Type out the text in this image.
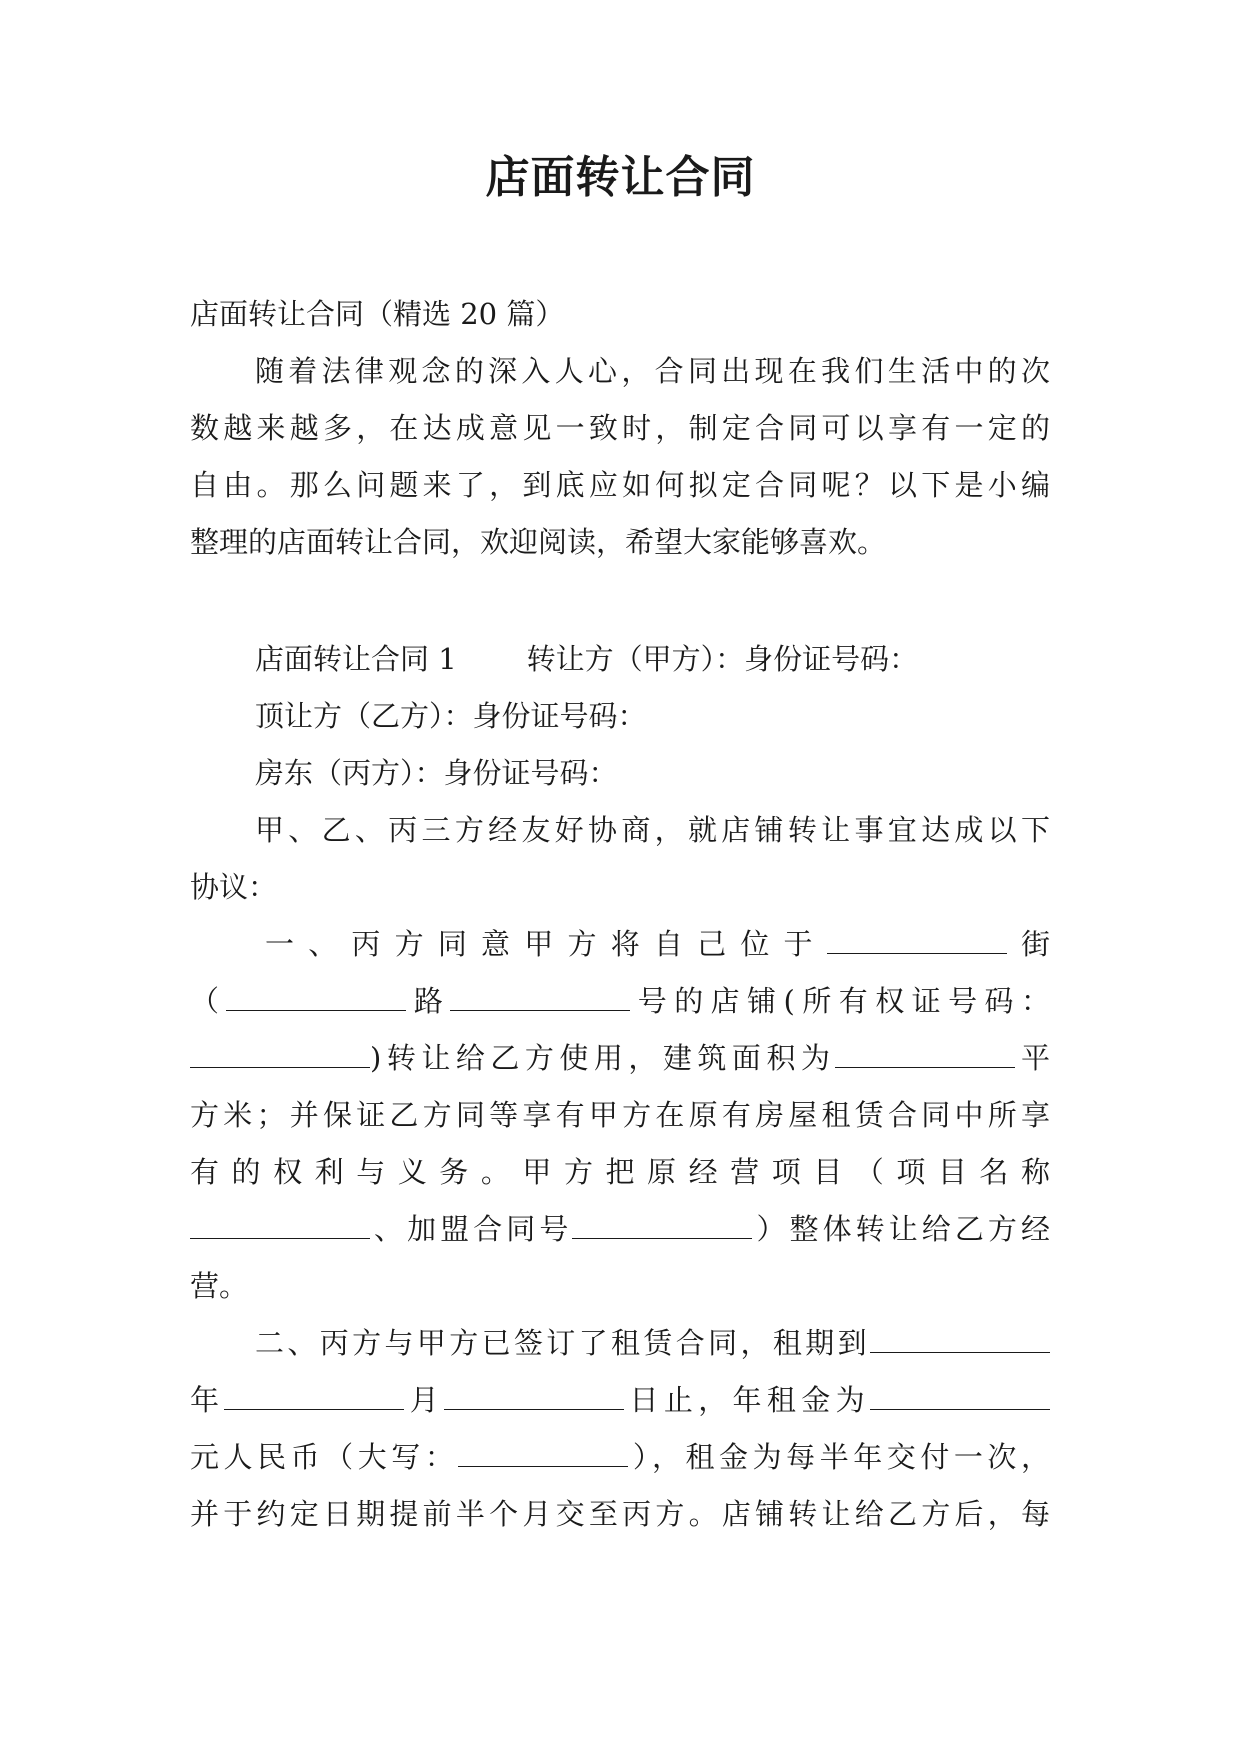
店面转让合同
店面转让合同（精选 20 篇）
随着法律观念的深入人心，合同出现在我们生活中的次
数越来越多，在达成意见一致时，制定合同可以享有一定的
自由。那么问题来了，到底应如何拟定合同呢？以下是小编
整理的店面转让合同，欢迎阅读，希望大家能够喜欢。
店面转让合同 1 转让方（甲方）：身份证号码：
顶让方（乙方）：身份证号码：
房东（丙方）：身份证号码：
甲、乙、丙三方经友好协商，就店铺转让事宜达成以下
协议：
一、丙方同意甲方将自己位于	街
（	路	号的店铺(所有权证号码：
)转让给乙方使用，建筑面积为	平
方米；并保证乙方同等享有甲方在原有房屋租赁合同中所享
有的权利与义务。甲方把原经营项目（项目名称
、加盟合同号	）整体转让给乙方经
营。
二、丙方与甲方已签订了租赁合同，租期到
年	月	日止，年租金为
元人民币（大写：	），租金为每半年交付一次，
并于约定日期提前半个月交至丙方。店铺转让给乙方后，每
